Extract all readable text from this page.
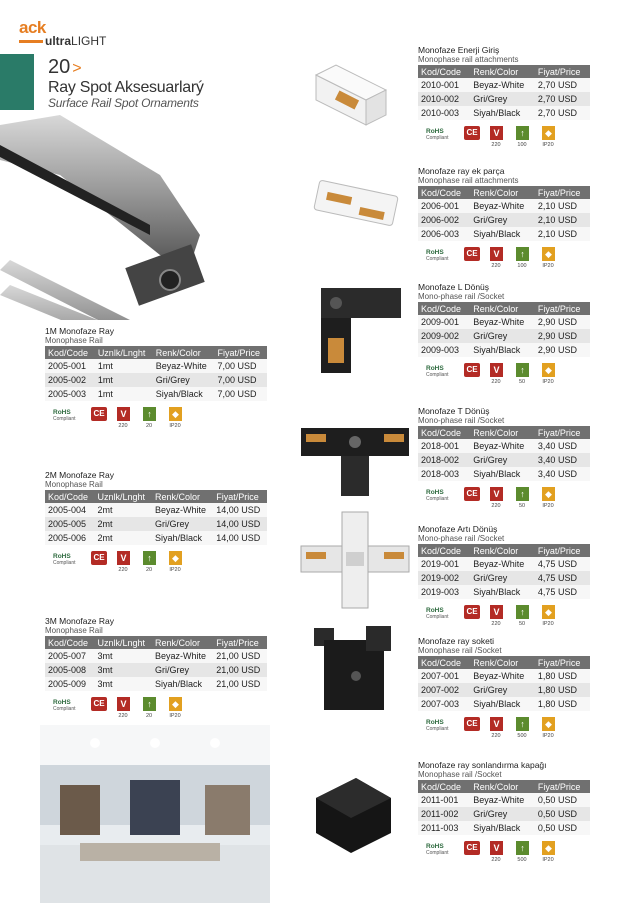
ack
ultraLIGHT
20 >
Ray Spot Aksesuarlarý
Surface Rail Spot Ornaments
1M Monofaze Ray
Monophase Rail
Kod/Code	Uznlk/Lnght	Renk/Color	Fiyat/Price
2005-001	1mt	Beyaz-White	7,00 USD
2005-002	1mt	Gri/Grey	7,00 USD
2005-003	1mt	Siyah/Black	7,00 USD
RoHS
Compliant
CE	V	↑	◆
220	20	IP20
2M Monofaze Ray
Monophase Rail
Kod/Code	Uznlk/Lnght	Renk/Color	Fiyat/Price
2005-004	2mt	Beyaz-White	14,00 USD
2005-005	2mt	Gri/Grey	14,00 USD
2005-006	2mt	Siyah/Black	14,00 USD
RoHS
Compliant
CE	V	↑	◆
220	20	IP20
3M Monofaze Ray
Monophase Rail
Kod/Code	Uznlk/Lnght	Renk/Color	Fiyat/Price
2005-007	3mt	Beyaz-White	21,00 USD
2005-008	3mt	Gri/Grey	21,00 USD
2005-009	3mt	Siyah/Black	21,00 USD
RoHS
Compliant
CE	V	↑	◆
220	20	IP20
Monofaze Enerji Giriş
Monophase rail attachments
Kod/Code	Renk/Color	Fiyat/Price
2010-001	Beyaz-White	2,70 USD
2010-002	Gri/Grey	2,70 USD
2010-003	Siyah/Black	2,70 USD
RoHS
Compliant
CE	V	↑	◆
220	100	IP20
Monofaze ray ek parça
Monophase rail attachments
Kod/Code	Renk/Color	Fiyat/Price
2006-001	Beyaz-White	2,10 USD
2006-002	Gri/Grey	2,10 USD
2006-003	Siyah/Black	2,10 USD
RoHS
Compliant
CE	V	↑	◆
220	100	IP20
Monofaze L Dönüş
Mono-phase rail /Socket
Kod/Code	Renk/Color	Fiyat/Price
2009-001	Beyaz-White	2,90 USD
2009-002	Gri/Grey	2,90 USD
2009-003	Siyah/Black	2,90 USD
RoHS
Compliant
CE	V	↑	◆
220	50	IP20
Monofaze T Dönüş
Mono-phase rail /Socket
Kod/Code	Renk/Color	Fiyat/Price
2018-001	Beyaz-White	3,40 USD
2018-002	Gri/Grey	3,40 USD
2018-003	Siyah/Black	3,40 USD
RoHS
Compliant
CE	V	↑	◆
220	50	IP20
Monofaze Artı Dönüş
Mono-phase rail /Socket
Kod/Code	Renk/Color	Fiyat/Price
2019-001	Beyaz-White	4,75 USD
2019-002	Gri/Grey	4,75 USD
2019-003	Siyah/Black	4,75 USD
RoHS
Compliant
CE	V	↑	◆
220	50	IP20
Monofaze ray soketi
Monophase rail /Socket
Kod/Code	Renk/Color	Fiyat/Price
2007-001	Beyaz-White	1,80 USD
2007-002	Gri/Grey	1,80 USD
2007-003	Siyah/Black	1,80 USD
RoHS
Compliant
CE	V	↑	◆
220	500	IP20
Monofaze ray sonlandırma kapağı
Monophase rail /Socket
Kod/Code	Renk/Color	Fiyat/Price
2011-001	Beyaz-White	0,50 USD
2011-002	Gri/Grey	0,50 USD
2011-003	Siyah/Black	0,50 USD
RoHS
Compliant
CE	V	↑	◆
220	500	IP20
